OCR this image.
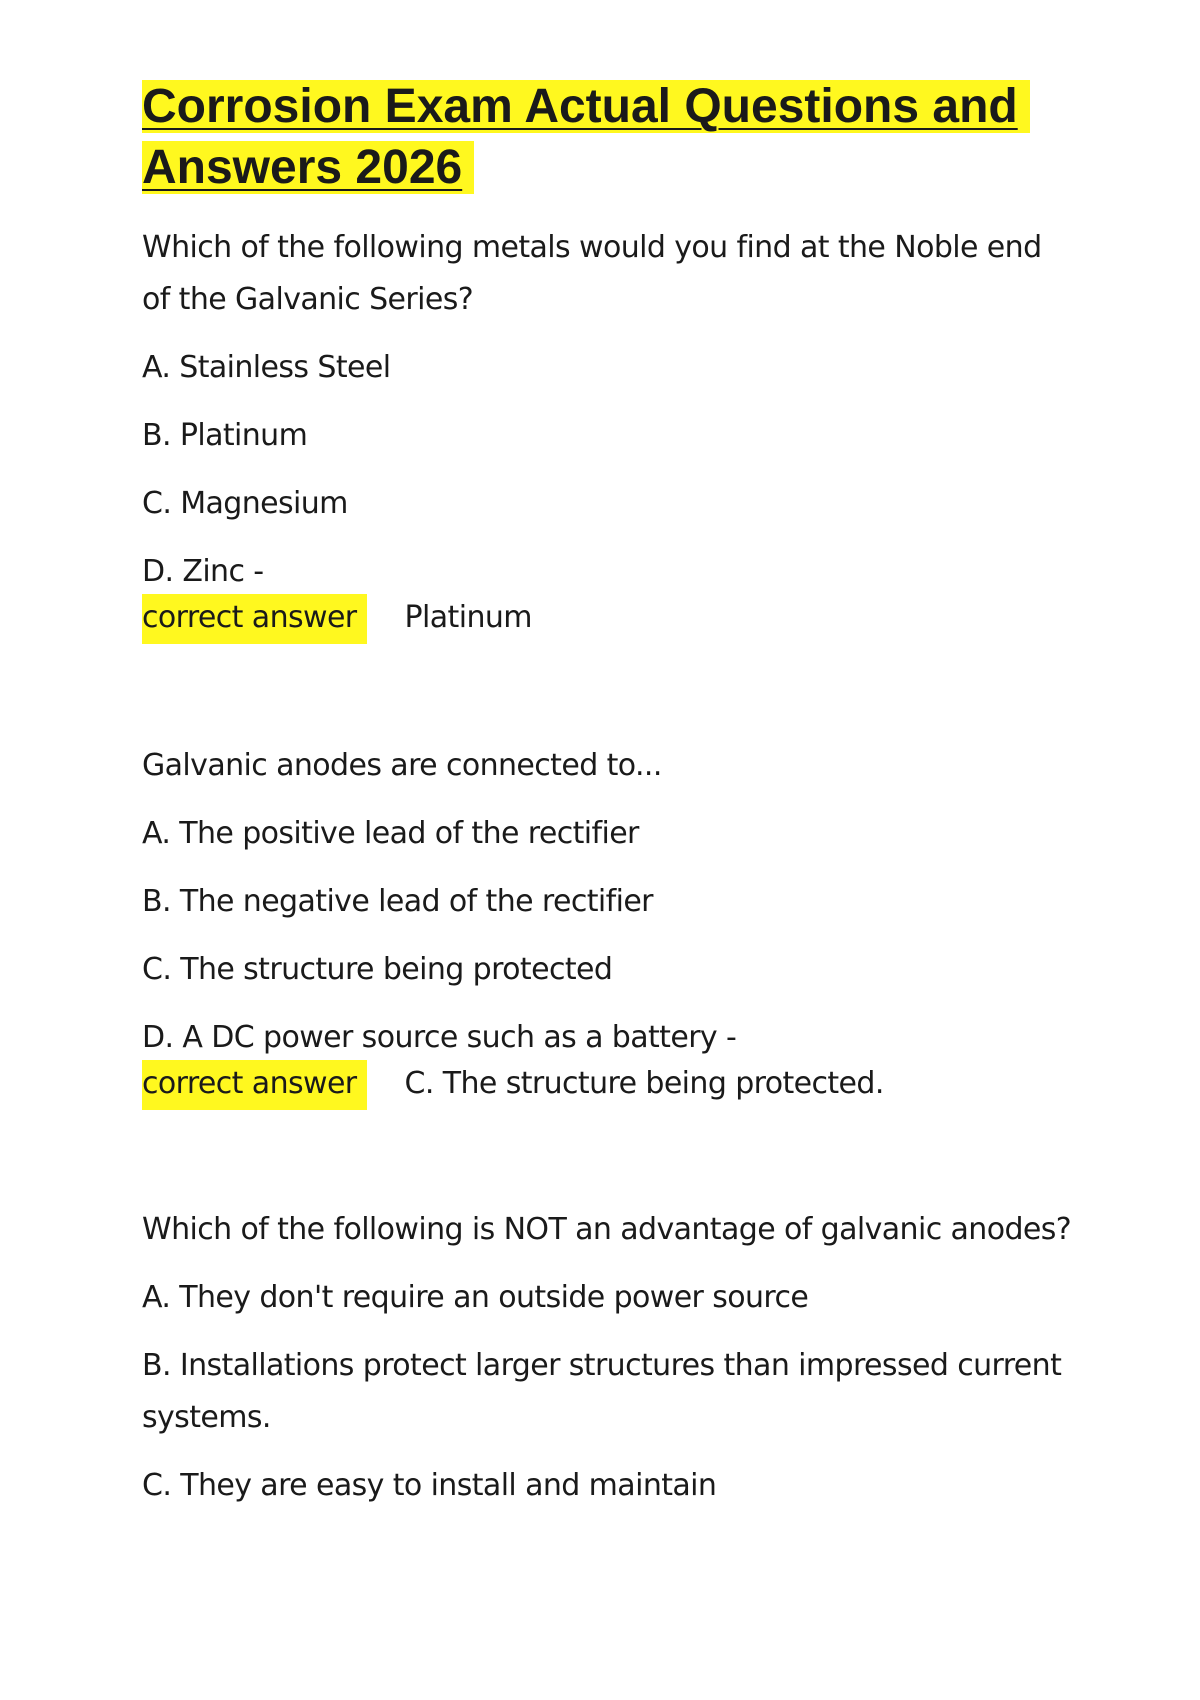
Corrosion Exam Actual Questions and Answers 2026

Which of the following metals would you find at the Noble end of the Galvanic Series?

A. Stainless Steel

B. Platinum

C. Magnesium

D. Zinc -

correct answer Platinum

Galvanic anodes are connected to...

A. The positive lead of the rectifier

B. The negative lead of the rectifier

C. The structure being protected

D. A DC power source such as a battery -

correct answer C. The structure being protected.

Which of the following is NOT an advantage of galvanic anodes?

A. They don't require an outside power source

B. Installations protect larger structures than impressed current systems.

C. They are easy to install and maintain
